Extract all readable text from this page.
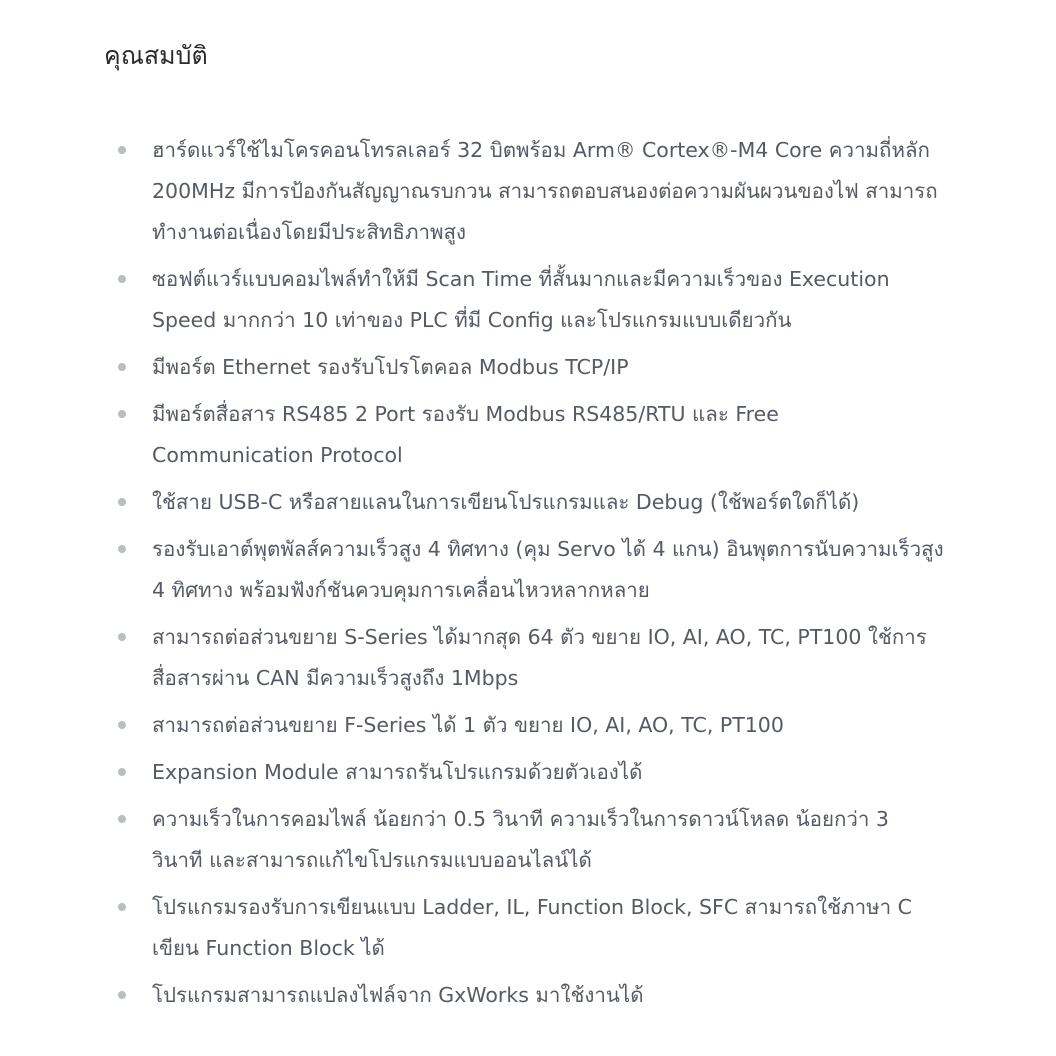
คุณสมบัติ
ฮาร์ดแวร์ใช้ไมโครคอนโทรลเลอร์ 32 บิตพร้อม Arm® Cortex®-M4 Core ความถี่หลัก 200MHz มีการป้องกันสัญญาณรบกวน สามารถตอบสนองต่อความผันผวนของไฟ สามารถทำงานต่อเนื่องโดยมีประสิทธิภาพสูง
ซอฟต์แวร์แบบคอมไพล์ทำให้มี Scan Time ที่สั้นมากและมีความเร็วของ Execution Speed มากกว่า 10 เท่าของ PLC ที่มี Config และโปรแกรมแบบเดียวกัน
มีพอร์ต Ethernet รองรับโปรโตคอล Modbus TCP/IP
มีพอร์ตสื่อสาร RS485 2 Port รองรับ Modbus RS485/RTU และ Free Communication Protocol
ใช้สาย USB-C หรือสายแลนในการเขียนโปรแกรมและ Debug (ใช้พอร์ตใดก็ได้)
รองรับเอาต์พุตพัลส์ความเร็วสูง 4 ทิศทาง (คุม Servo ได้ 4 แกน) อินพุตการนับความเร็วสูง 4 ทิศทาง พร้อมฟังก์ชันควบคุมการเคลื่อนไหวหลากหลาย
สามารถต่อส่วนขยาย S-Series ได้มากสุด 64 ตัว ขยาย IO, AI, AO, TC, PT100 ใช้การสื่อสารผ่าน CAN มีความเร็วสูงถึง 1Mbps
สามารถต่อส่วนขยาย F-Series ได้ 1 ตัว ขยาย IO, AI, AO, TC, PT100
Expansion Module สามารถรันโปรแกรมด้วยตัวเองได้
ความเร็วในการคอมไพล์ น้อยกว่า 0.5 วินาที ความเร็วในการดาวน์โหลด น้อยกว่า 3 วินาที และสามารถแก้ไขโปรแกรมแบบออนไลน์ได้
โปรแกรมรองรับการเขียนแบบ Ladder, IL, Function Block, SFC สามารถใช้ภาษา C เขียน Function Block ได้
โปรแกรมสามารถแปลงไฟล์จาก GxWorks มาใช้งานได้
